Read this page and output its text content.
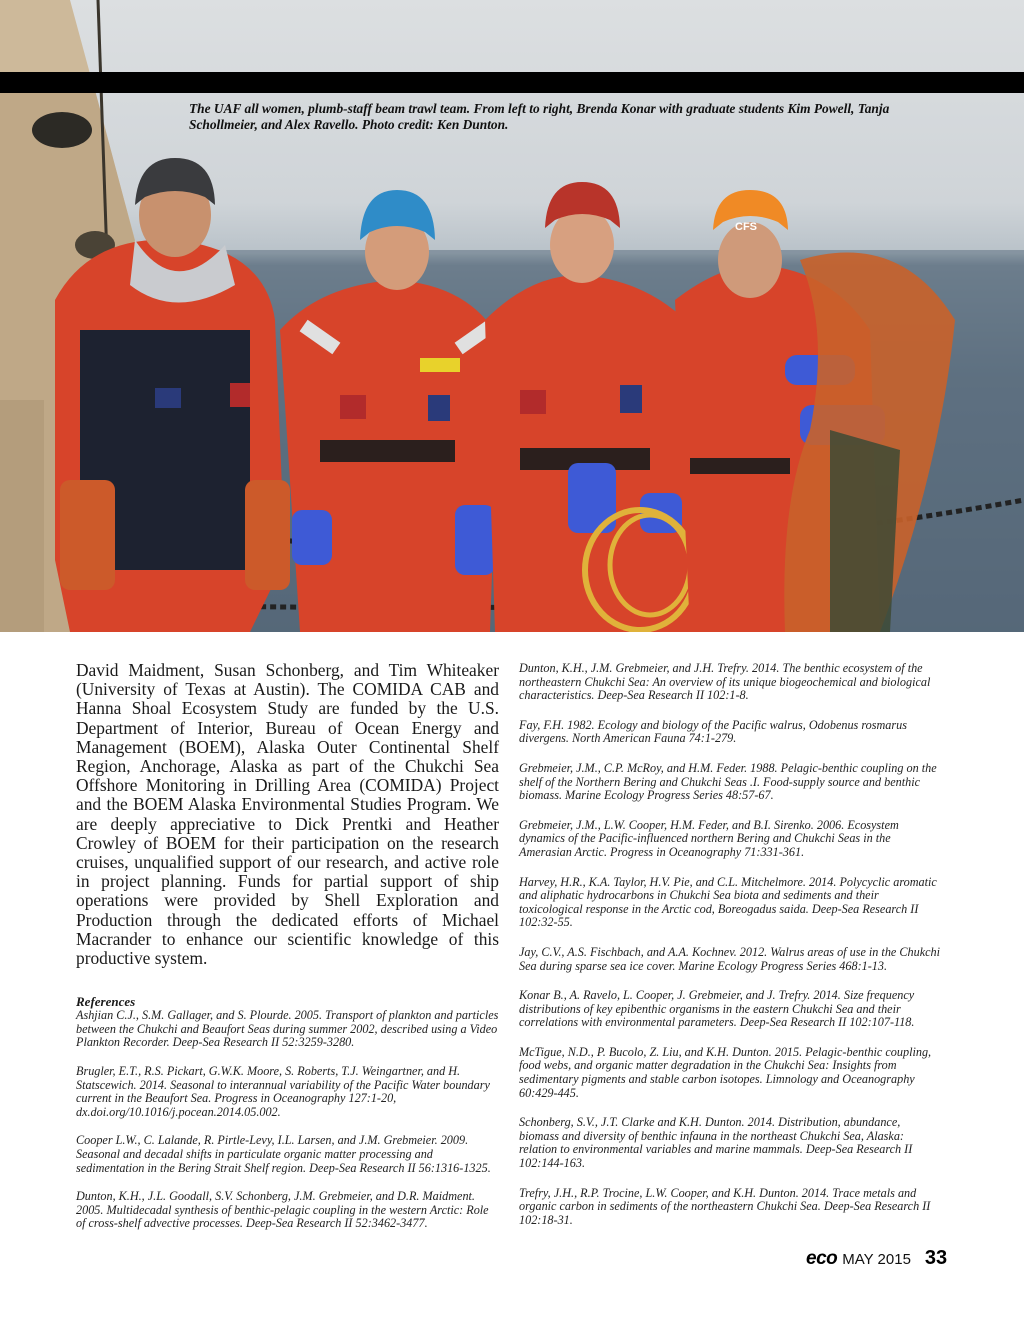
CFS
The UAF all women, plumb-staff beam trawl team. From left to right, Brenda Konar with graduate students Kim Powell, Tanja Schollmeier, and Alex Ravello. Photo credit: Ken Dunton.

David Maidment, Susan Schonberg, and Tim Whiteaker (University of Texas at Austin). The COMIDA CAB and Hanna Shoal Ecosystem Study are funded by the U.S. Department of Interior, Bureau of Ocean Energy and Management (BOEM), Alaska Outer Continental Shelf Region, Anchorage, Alaska as part of the Chukchi Sea Offshore Monitoring in Drilling Area (COMIDA) Project and the BOEM Alaska Environmental Studies Program. We are deeply appreciative to Dick Prentki and Heather Crowley of BOEM for their participation on the research cruises, unqualified support of our research, and active role in project planning. Funds for partial support of ship operations were provided by Shell Exploration and Production through the dedicated efforts of Michael Macrander to enhance our scientific knowledge of this productive system.

References

Ashjian C.J., S.M. Gallager, and S. Plourde. 2005. Transport of plankton and particles between the Chukchi and Beaufort Seas during summer 2002, described using a Video Plankton Recorder. Deep-Sea Research II 52:3259-3280.

Brugler, E.T., R.S. Pickart, G.W.K. Moore, S. Roberts, T.J. Weingartner, and H. Statscewich. 2014. Seasonal to interannual variability of the Pacific Water boundary current in the Beaufort Sea. Progress in Oceanography 127:1-20, dx.doi.org/10.1016/j.pocean.2014.05.002.

Cooper L.W., C. Lalande, R. Pirtle-Levy, I.L. Larsen, and J.M. Grebmeier. 2009. Seasonal and decadal shifts in particulate organic matter processing and sedimentation in the Bering Strait Shelf region. Deep-Sea Research II 56:1316-1325.

Dunton, K.H., J.L. Goodall, S.V. Schonberg, J.M. Grebmeier, and D.R. Maidment. 2005. Multidecadal synthesis of benthic-pelagic coupling in the western Arctic: Role of cross-shelf advective processes. Deep-Sea Research II 52:3462-3477.

Dunton, K.H., J.M. Grebmeier, and J.H. Trefry. 2014. The benthic ecosystem of the northeastern Chukchi Sea: An overview of its unique biogeochemical and biological characteristics. Deep-Sea Research II 102:1-8.

Fay, F.H. 1982. Ecology and biology of the Pacific walrus, Odobenus rosmarus divergens. North American Fauna 74:1-279.

Grebmeier, J.M., C.P. McRoy, and H.M. Feder. 1988. Pelagic-benthic coupling on the shelf of the Northern Bering and Chukchi Seas .I. Food-supply source and benthic biomass. Marine Ecology Progress Series 48:57-67.

Grebmeier, J.M., L.W. Cooper, H.M. Feder, and B.I. Sirenko. 2006. Ecosystem dynamics of the Pacific-influenced northern Bering and Chukchi Seas in the Amerasian Arctic. Progress in Oceanography 71:331-361.

Harvey, H.R., K.A. Taylor, H.V. Pie, and C.L. Mitchelmore. 2014. Polycyclic aromatic and aliphatic hydrocarbons in Chukchi Sea biota and sediments and their toxicological response in the Arctic cod, Boreogadus saida. Deep-Sea Research II 102:32-55.

Jay, C.V., A.S. Fischbach, and A.A. Kochnev. 2012. Walrus areas of use in the Chukchi Sea during sparse sea ice cover. Marine Ecology Progress Series 468:1-13.

Konar B., A. Ravelo, L. Cooper, J. Grebmeier, and J. Trefry. 2014. Size frequency distributions of key epibenthic organisms in the eastern Chukchi Sea and their correlations with environmental parameters. Deep-Sea Research II 102:107-118.

McTigue, N.D., P. Bucolo, Z. Liu, and K.H. Dunton. 2015. Pelagic-benthic coupling, food webs, and organic matter degradation in the Chukchi Sea: Insights from sedimentary pigments and stable carbon isotopes. Limnology and Oceanography 60:429-445.

Schonberg, S.V., J.T. Clarke and K.H. Dunton. 2014. Distribution, abundance, biomass and diversity of benthic infauna in the northeast Chukchi Sea, Alaska: relation to environmental variables and marine mammals. Deep-Sea Research II 102:144-163.

Trefry, J.H., R.P. Trocine, L.W. Cooper, and K.H. Dunton. 2014. Trace metals and organic carbon in sediments of the northeastern Chukchi Sea. Deep-Sea Research II 102:18-31.

eco MAY 2015 33
